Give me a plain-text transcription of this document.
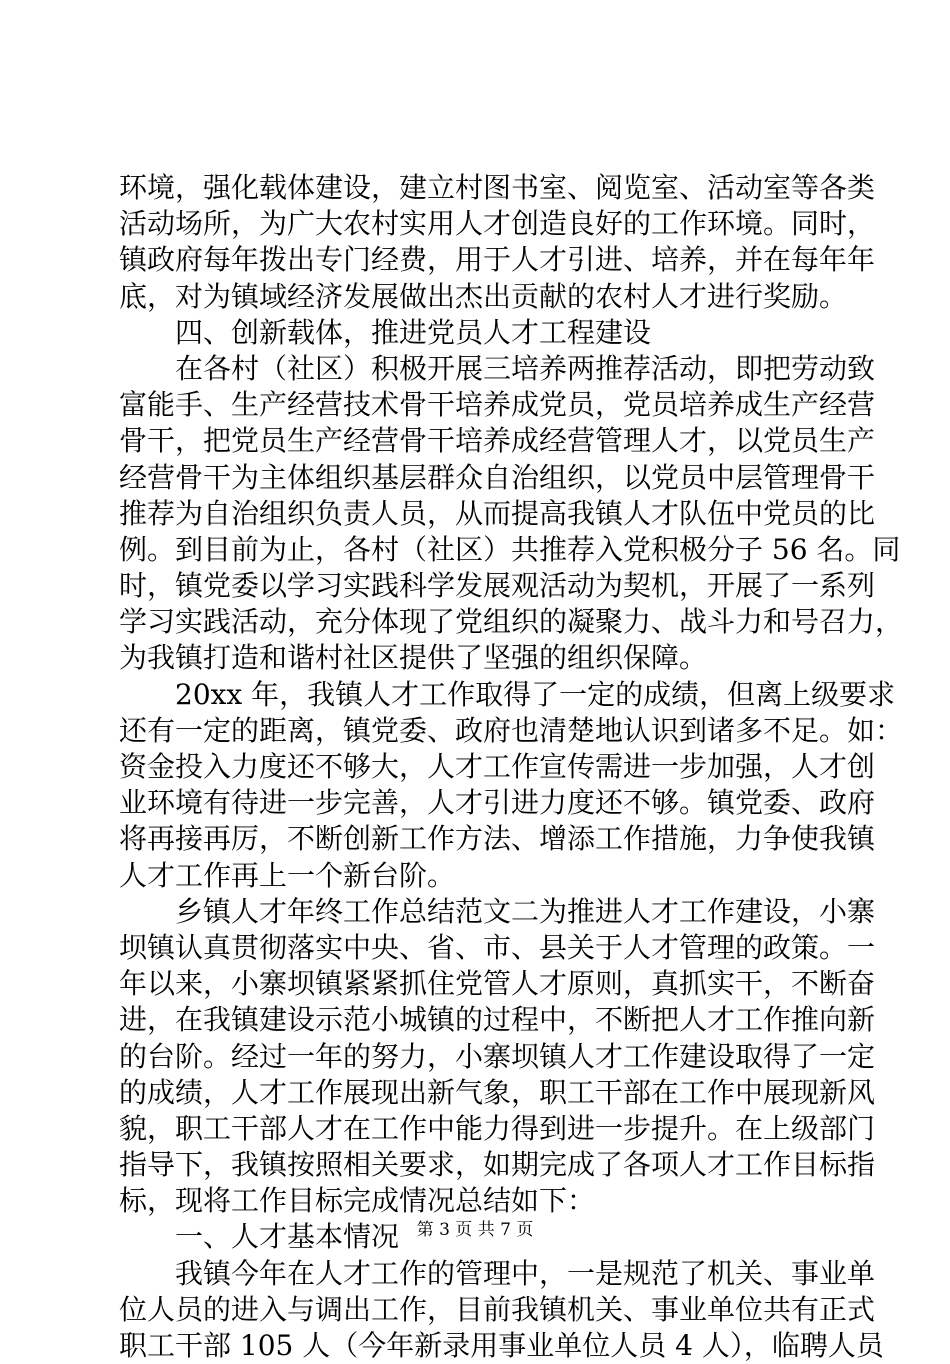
环境，强化载体建设，建立村图书室、阅览室、活动室等各类
活动场所，为广大农村实用人才创造良好的工作环境。同时，
镇政府每年拨出专门经费，用于人才引进、培养，并在每年年
底，对为镇域经济发展做出杰出贡献的农村人才进行奖励。
　　四、创新载体，推进党员人才工程建设
　　在各村（社区）积极开展三培养两推荐活动，即把劳动致
富能手、生产经营技术骨干培养成党员，党员培养成生产经营
骨干，把党员生产经营骨干培养成经营管理人才，以党员生产
经营骨干为主体组织基层群众自治组织，以党员中层管理骨干
推荐为自治组织负责人员，从而提高我镇人才队伍中党员的比
例。到目前为止，各村（社区）共推荐入党积极分子 56 名。同
时，镇党委以学习实践科学发展观活动为契机，开展了一系列
学习实践活动，充分体现了党组织的凝聚力、战斗力和号召力，
为我镇打造和谐村社区提供了坚强的组织保障。
　　20xx 年，我镇人才工作取得了一定的成绩，但离上级要求
还有一定的距离，镇党委、政府也清楚地认识到诸多不足。如：
资金投入力度还不够大，人才工作宣传需进一步加强，人才创
业环境有待进一步完善，人才引进力度还不够。镇党委、政府
将再接再厉，不断创新工作方法、增添工作措施，力争使我镇
人才工作再上一个新台阶。
　　乡镇人才年终工作总结范文二为推进人才工作建设，小寨
坝镇认真贯彻落实中央、省、市、县关于人才管理的政策。一
年以来，小寨坝镇紧紧抓住党管人才原则，真抓实干，不断奋
进，在我镇建设示范小城镇的过程中，不断把人才工作推向新
的台阶。经过一年的努力，小寨坝镇人才工作建设取得了一定
的成绩，人才工作展现出新气象，职工干部在工作中展现新风
貌，职工干部人才在工作中能力得到进一步提升。在上级部门
指导下，我镇按照相关要求，如期完成了各项人才工作目标指
标，现将工作目标完成情况总结如下：
　　一、人才基本情况
　　我镇今年在人才工作的管理中，一是规范了机关、事业单
位人员的进入与调出工作，目前我镇机关、事业单位共有正式
职工干部 105 人（今年新录用事业单位人员 4 人），临聘人员
第 3 页 共 7 页
